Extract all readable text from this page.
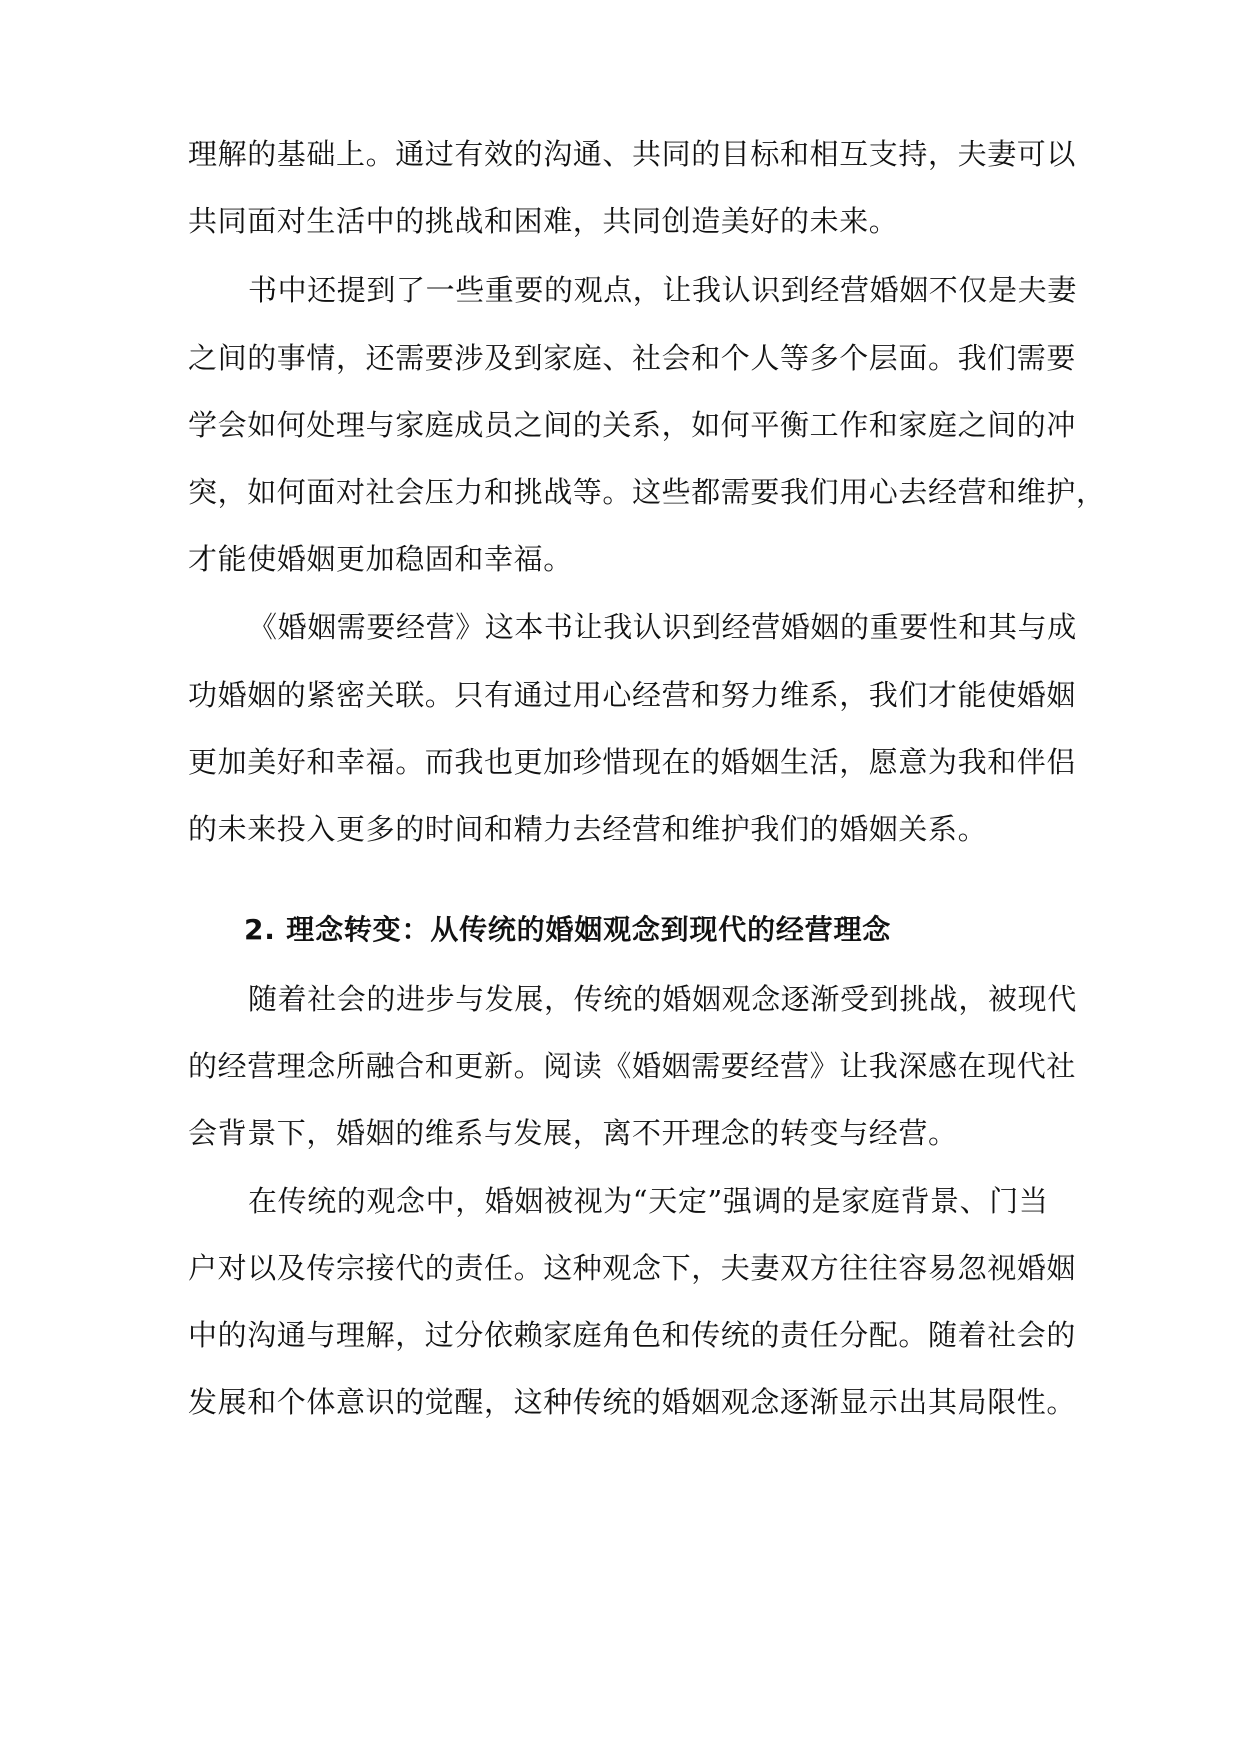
理解的基础上。通过有效的沟通、共同的目标和相互支持，夫妻可以

共同面对生活中的挑战和困难，共同创造美好的未来。

书中还提到了一些重要的观点，让我认识到经营婚姻不仅是夫妻

之间的事情，还需要涉及到家庭、社会和个人等多个层面。我们需要

学会如何处理与家庭成员之间的关系，如何平衡工作和家庭之间的冲

突，如何面对社会压力和挑战等。这些都需要我们用心去经营和维护，

才能使婚姻更加稳固和幸福。

《婚姻需要经营》这本书让我认识到经营婚姻的重要性和其与成

功婚姻的紧密关联。只有通过用心经营和努力维系，我们才能使婚姻

更加美好和幸福。而我也更加珍惜现在的婚姻生活，愿意为我和伴侣

的未来投入更多的时间和精力去经营和维护我们的婚姻关系。

2. 理念转变：从传统的婚姻观念到现代的经营理念

随着社会的进步与发展，传统的婚姻观念逐渐受到挑战，被现代

的经营理念所融合和更新。阅读《婚姻需要经营》让我深感在现代社

会背景下，婚姻的维系与发展，离不开理念的转变与经营。

在传统的观念中，婚姻被视为“天定”强调的是家庭背景、门当

户对以及传宗接代的责任。这种观念下，夫妻双方往往容易忽视婚姻

中的沟通与理解，过分依赖家庭角色和传统的责任分配。随着社会的

发展和个体意识的觉醒，这种传统的婚姻观念逐渐显示出其局限性。
